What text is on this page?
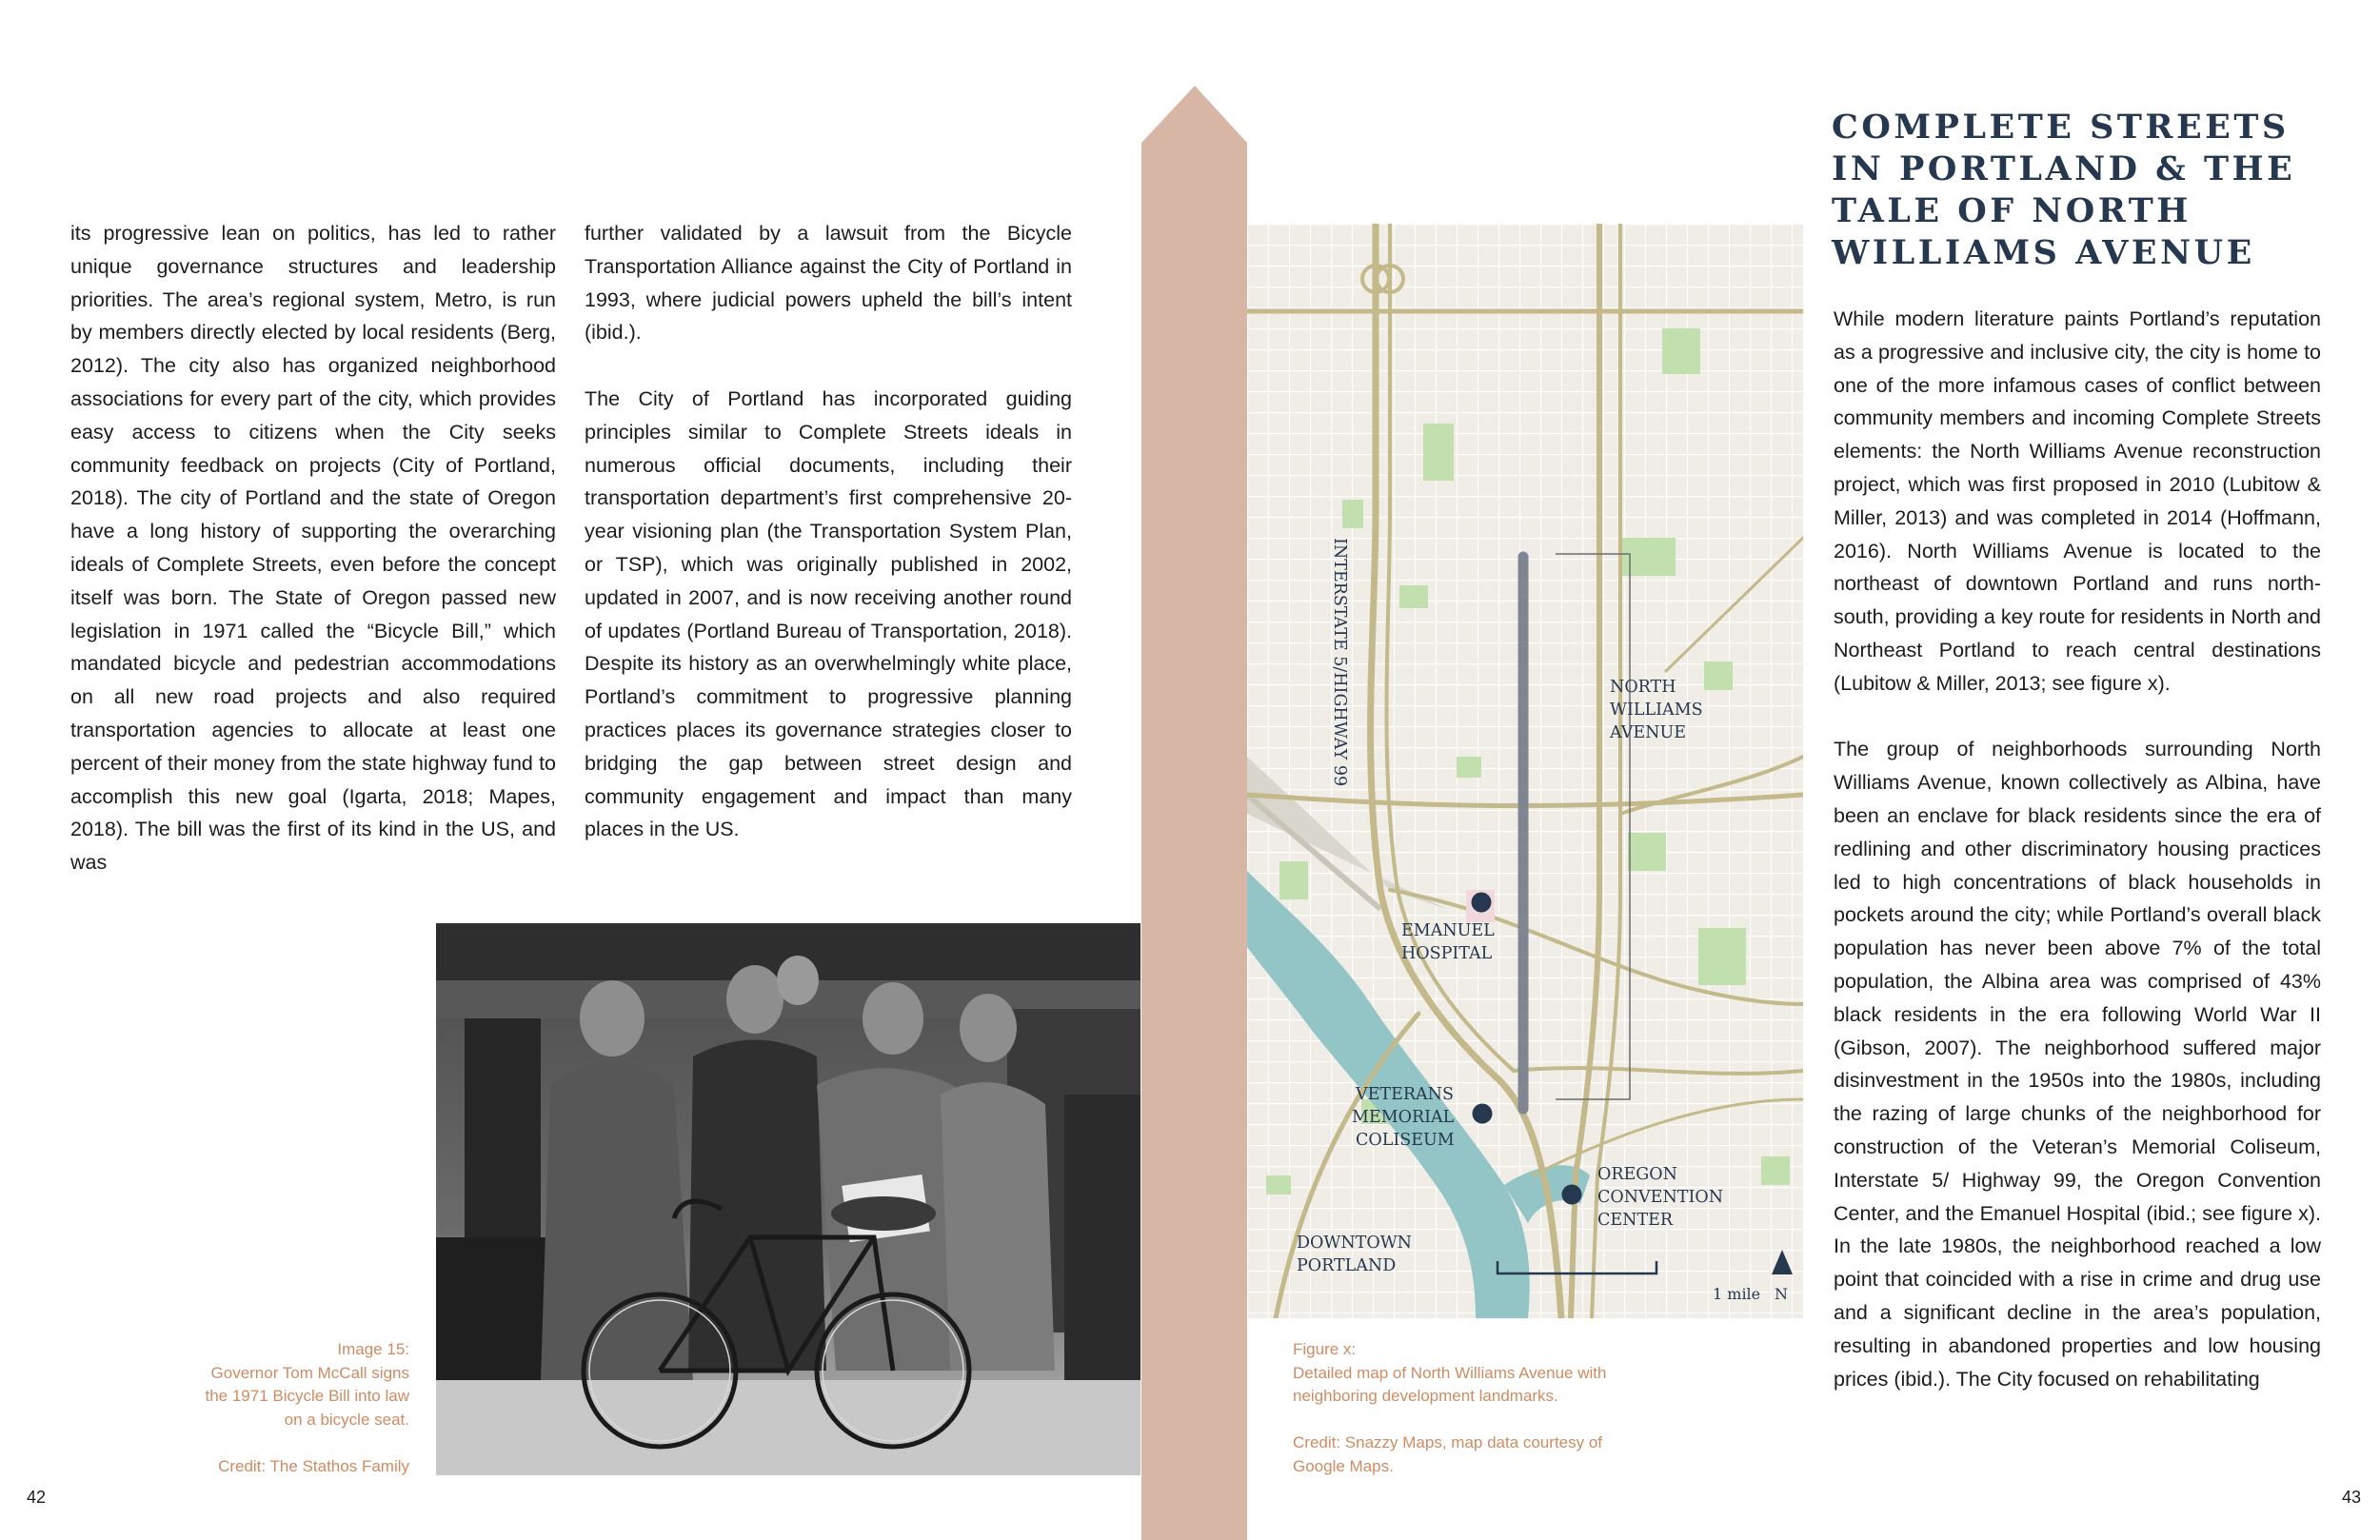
its progressive lean on politics, has led to rather unique governance structures and leadership priorities. The area’s regional system, Metro, is run by members directly elected by local residents (Berg, 2012). The city also has organized neighborhood associations for every part of the city, which provides easy access to citizens when the City seeks community feedback on projects (City of Portland, 2018). The city of Portland and the state of Oregon have a long history of supporting the overarching ideals of Complete Streets, even before the concept itself was born. The State of Oregon passed new legislation in 1971 called the “Bicycle Bill,” which mandated bicycle and pedestrian accommodations on all new road projects and also required transportation agencies to allocate at least one percent of their money from the state highway fund to accomplish this new goal (Igarta, 2018; Mapes, 2018). The bill was the first of its kind in the US, and was

further validated by a lawsuit from the Bicycle Transportation Alliance against the City of Portland in 1993, where judicial powers upheld the bill’s intent (ibid.).

The City of Portland has incorporated guiding principles similar to Complete Streets ideals in numerous official documents, including their transportation department’s first comprehensive 20-year visioning plan (the Transportation System Plan, or TSP), which was originally published in 2002, updated in 2007, and is now receiving another round of updates (Portland Bureau of Transportation, 2018). Despite its history as an overwhelmingly white place, Portland’s commitment to progressive planning practices places its governance strategies closer to bridging the gap between street design and community engagement and impact than many places in the US.

Image 15:
Governor Tom McCall signs
the 1971 Bicycle Bill into law
on a bicycle seat.

Credit: The Stathos Family

42
INTERSTATE 5/HIGHWAY 99	NORTH
WILLIAMS
AVENUE
EMANUEL
HOSPITAL
VETERANS
MEMORIAL
COLISEUM
OREGON
CONVENTION
CENTER
DOWNTOWN
PORTLAND
1 mile N

Figure x:
Detailed map of North Williams Avenue with neighboring development landmarks.

Credit: Snazzy Maps, map data courtesy of
Google Maps.

COMPLETE STREETS IN PORTLAND & THE TALE OF NORTH WILLIAMS AVENUE

While modern literature paints Portland’s reputation as a progressive and inclusive city, the city is home to one of the more infamous cases of conflict between community members and incoming Complete Streets elements: the North Williams Avenue reconstruction project, which was first proposed in 2010 (Lubitow & Miller, 2013) and was completed in 2014 (Hoffmann, 2016). North Williams Avenue is located to the northeast of downtown Portland and runs north-south, providing a key route for residents in North and Northeast Portland to reach central destinations (Lubitow & Miller, 2013; see figure x).

The group of neighborhoods surrounding North Williams Avenue, known collectively as Albina, have been an enclave for black residents since the era of redlining and other discriminatory housing practices led to high concentrations of black households in pockets around the city; while Portland’s overall black population has never been above 7% of the total population, the Albina area was comprised of 43% black residents in the era following World War II (Gibson, 2007). The neighborhood suffered major disinvestment in the 1950s into the 1980s, including the razing of large chunks of the neighborhood for construction of the Veteran’s Memorial Coliseum, Interstate 5/ Highway 99, the Oregon Convention Center, and the Emanuel Hospital (ibid.; see figure x). In the late 1980s, the neighborhood reached a low point that coincided with a rise in crime and drug use and a significant decline in the area’s population, resulting in abandoned properties and low housing prices (ibid.). The City focused on rehabilitating

43
